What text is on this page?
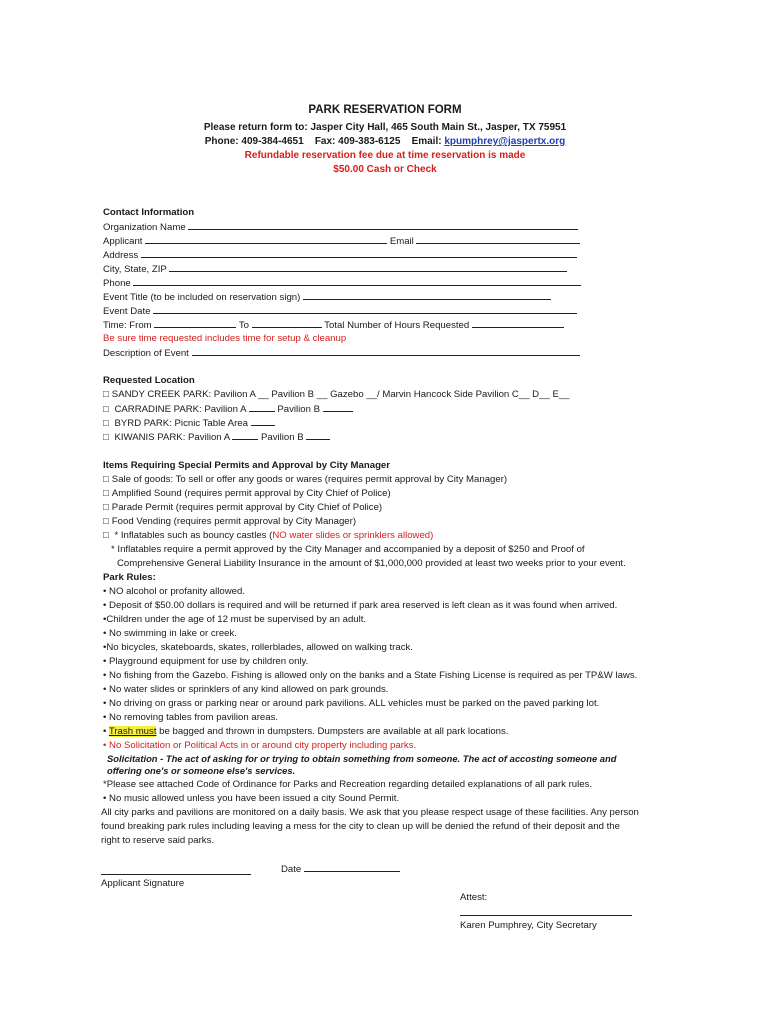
PARK RESERVATION FORM
Please return form to: Jasper City Hall, 465 South Main St., Jasper, TX 75951
Phone: 409-384-4651 Fax: 409-383-6125 Email: kpumphrey@jaspertx.org
Refundable reservation fee due at time reservation is made
$50.00 Cash or Check
Contact Information
Organization Name
Applicant	Email
Address
City, State, ZIP
Phone
Event Title (to be included on reservation sign)
Event Date
Time: From	To	Total Number of Hours Requested
Be sure time requested includes time for setup & cleanup
Description of Event
Requested Location
□ SANDY CREEK PARK: Pavilion A __ Pavilion B __ Gazebo __/ Marvin Hancock Side Pavilion C__ D__ E__
□ CARRADINE PARK: Pavilion A	Pavilion B
□ BYRD PARK: Picnic Table Area
□ KIWANIS PARK: Pavilion A	Pavilion B
Items Requiring Special Permits and Approval by City Manager
□ Sale of goods: To sell or offer any goods or wares (requires permit approval by City Manager)
□ Amplified Sound (requires permit approval by City Chief of Police)
□ Parade Permit (requires permit approval by City Chief of Police)
□ Food Vending (requires permit approval by City Manager)
□ * Inflatables such as bouncy castles (NO water slides or sprinklers allowed)
* Inflatables require a permit approved by the City Manager and accompanied by a deposit of $250 and Proof of
Comprehensive General Liability Insurance in the amount of $1,000,000 provided at least two weeks prior to your event.
Park Rules:
• NO alcohol or profanity allowed.
• Deposit of $50.00 dollars is required and will be returned if park area reserved is left clean as it was found when arrived.
•Children under the age of 12 must be supervised by an adult.
• No swimming in lake or creek.
•No bicycles, skateboards, skates, rollerblades, allowed on walking track.
• Playground equipment for use by children only.
• No fishing from the Gazebo. Fishing is allowed only on the banks and a State Fishing License is required as per TP&W laws.
• No water slides or sprinklers of any kind allowed on park grounds.
• No driving on grass or parking near or around park pavilions. ALL vehicles must be parked on the paved parking lot.
• No removing tables from pavilion areas.
• Trash must be bagged and thrown in dumpsters. Dumpsters are available at all park locations.
• No Solicitation or Political Acts in or around city property including parks.
Solicitation - The act of asking for or trying to obtain something from someone. The act of accosting someone and
offering one's or someone else's services.
*Please see attached Code of Ordinance for Parks and Recreation regarding detailed explanations of all park rules.
• No music allowed unless you have been issued a city Sound Permit.
All city parks and pavilions are monitored on a daily basis. We ask that you please respect usage of these facilities. Any person
found breaking park rules including leaving a mess for the city to clean up will be denied the refund of their deposit and the
right to reserve said parks.
Date
Applicant Signature
Attest:
Karen Pumphrey, City Secretary
